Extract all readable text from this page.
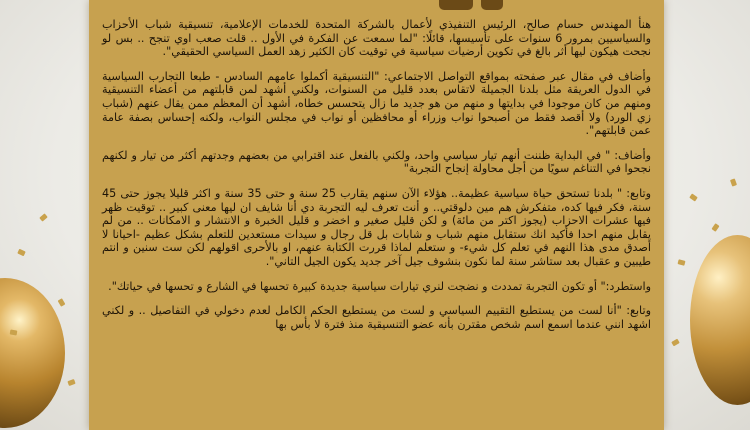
هنأ المهندس حسام صالح، الرئيس التنفيذي لأعمال بالشركة المتحدة للخدمات الإعلامية، تنسيقية شباب الأحزاب والسياسيين بمرور 6 سنوات على تأسيسها، قائلًا: "لما سمعت عن الفكرة في الأول .. قلت صعب اوي تنجح .. بس لو نجحت هيكون ليها أثر بالغ في تكوين أرضيات سياسية في توقيت كان الكثير زهد العمل السياسي الحقيقي".

وأضاف في مقال عبر صفحته بمواقع التواصل الاجتماعي: "التنسيقية أكملوا عامهم السادس - طبعا التجارب السياسية في الدول العريقة مثل بلدنا الجميلة لاتقاس بعدد قليل من السنوات، ولكني أشهد لمن قابلتهم من أعضاء التنسيقية ومنهم من كان موجودا في بدايتها و منهم من هو جديد ما زال يتحسس خطاه، أشهد أن المعظم ممن يقال عنهم (شباب زي الورد) ولا أقصد فقط من أصبحوا نواب وزراء أو محافظين أو نواب في مجلس النواب، ولكنه إحساس بصفة عامة عمن قابلتهم".

وأضاف: " في البداية ظننت أنهم تيار سياسي واحد، ولكني بالفعل عند اقترابي من بعضهم وجدتهم أكثر من تيار و لكنهم نجحوا في التناغم سويًا من أجل محاولة إنجاح التجربة"

وتابع: " بلدنا تستحق حياة سياسية عظيمة.. هؤلاء الآن سنهم يقارب 25 سنة و حتى 35 سنة و اكثر قليلا يجوز حتى 45 سنة، فكر فيها كده، متفكرش هم مين دلوقتي.. و أنت تعرف ليه التجربة دي أنا شايف ان ليها معنى كبير .. توقيت ظهر فيها عشرات الاحزاب (يجوز اكتر من مائة) و لكن قليل صغير و اخضر و قليل الخبرة و الانتشار و الامكانات .. من لم يقابل منهم احدا فأكيد انك ستقابل منهم شباب و شابات بل قل رجال و سيدات مستعدين للتعلم بشكل عظيم -احيانا لا أصدق مدى هذا النهم في تعلم كل شيء- و ستعلم لماذا قررت الكتابة عنهم، او بالأحرى اقولهم لكن ست سنين و انتم طيبين و عقبال بعد ستاشر سنة لما نكون بنشوف جيل آخر جديد يكون الجيل التاني".

واستطرد:" أو تكون التجربة تمددت و نضجت لنري تيارات سياسية جديدة كبيرة تحسها في الشارع و تحسها في حياتك".

وتابع: "أنا لست من يستطيع التقييم السياسي و لست من يستطيع الحكم الكامل لعدم دخولي في التفاصيل .. و لكني اشهد انني عندما اسمع اسم شخص مقترن بأنه عضو التنسيقية منذ فترة لا بأس بها
